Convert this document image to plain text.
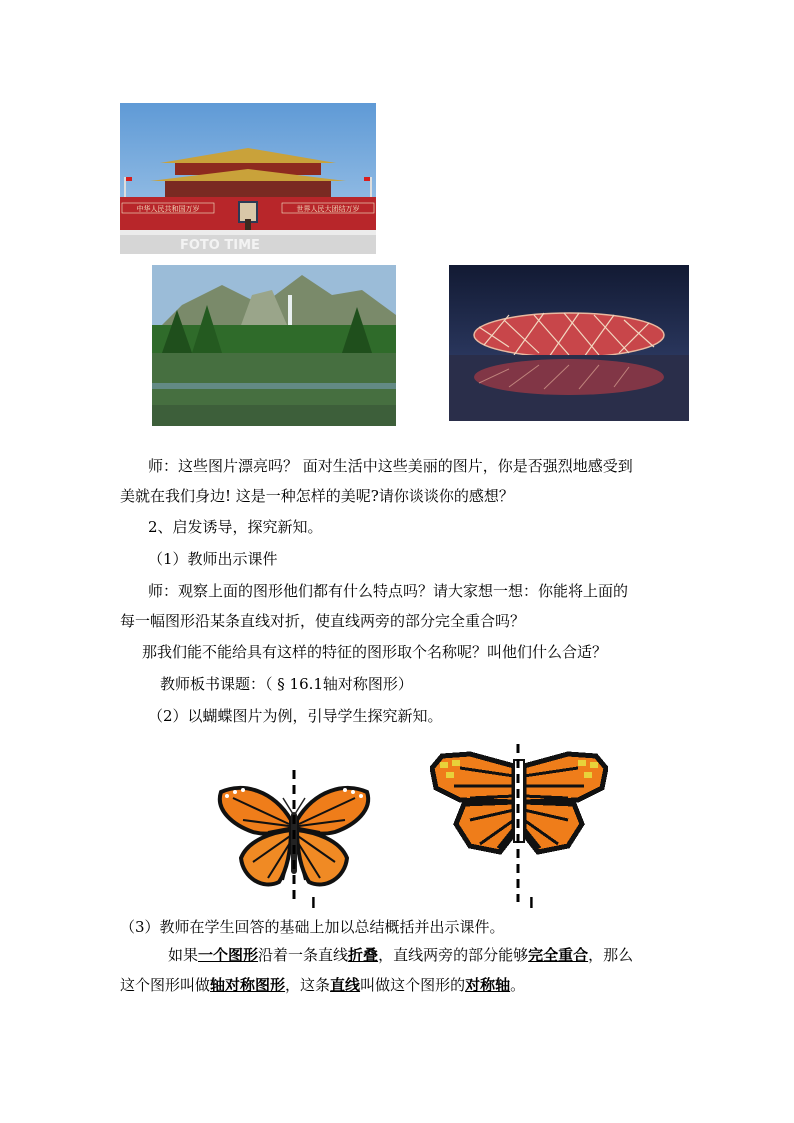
中华人民共和国万岁	世界人民大团结万岁
FOTO TIME
师：这些图片漂亮吗？ 面对生活中这些美丽的图片，你是否强烈地感受到
美就在我们身边! 这是一种怎样的美呢?请你谈谈你的感想？
2、启发诱导，探究新知。
（1）教师出示课件
师：观察上面的图形他们都有什么特点吗？请大家想一想：你能将上面的
每一幅图形沿某条直线对折，使直线两旁的部分完全重合吗？
那我们能不能给具有这样的特征的图形取个名称呢？叫他们什么合适？
教师板书课题：（ § 16.1轴对称图形）
（2）以蝴蝶图片为例，引导学生探究新知。
l	l
（3）教师在学生回答的基础上加以总结概括并出示课件。
如果一个图形沿着一条直线折叠，直线两旁的部分能够完全重合，那么
这个图形叫做轴对称图形，这条直线叫做这个图形的对称轴。
